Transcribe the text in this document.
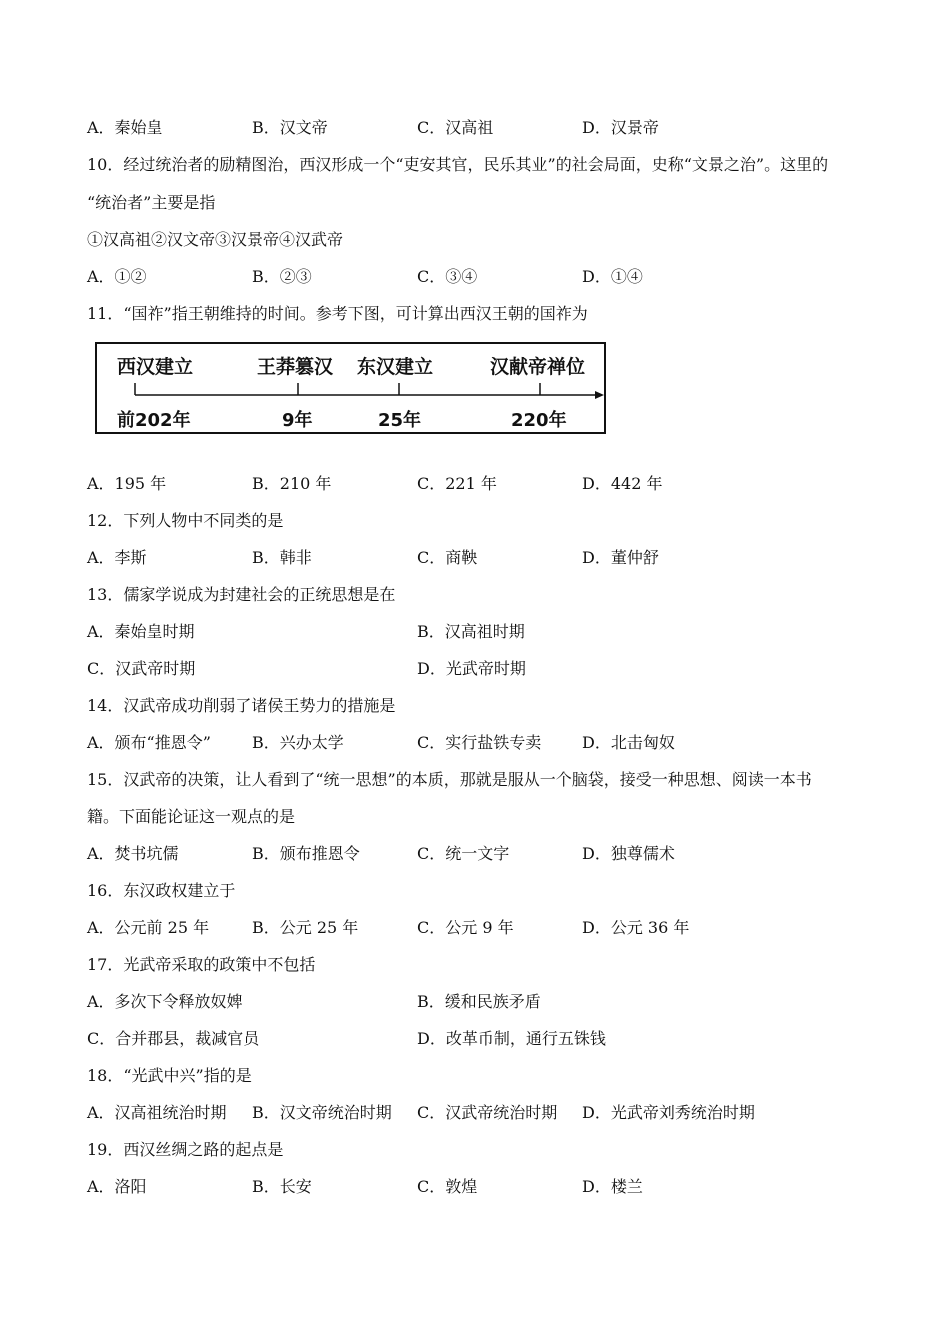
A．秦始皇	B．汉文帝	C．汉高祖	D．汉景帝
10．经过统治者的励精图治，西汉形成一个“吏安其官，民乐其业”的社会局面，史称“文景之治”。这里的
“统治者”主要是指
①汉高祖②汉文帝③汉景帝④汉武帝
A．①②	B．②③	C．③④	D．①④
11．“国祚”指王朝维持的时间。参考下图，可计算出西汉王朝的国祚为
西汉建立	王莽篡汉 东汉建立	汉献帝禅位
前202年	9年	25年	220年
A．195 年	B．210 年	C．221 年	D．442 年
12．下列人物中不同类的是
A．李斯	B．韩非	C．商鞅	D．董仲舒
13．儒家学说成为封建社会的正统思想是在
A．秦始皇时期	B．汉高祖时期
C．汉武帝时期	D．光武帝时期
14．汉武帝成功削弱了诸侯王势力的措施是
A．颁布“推恩令”	B．兴办太学	C．实行盐铁专卖	D．北击匈奴
15．汉武帝的决策，让人看到了“统一思想”的本质，那就是服从一个脑袋，接受一种思想、阅读一本书
籍。下面能论证这一观点的是
A．焚书坑儒	B．颁布推恩令	C．统一文字	D．独尊儒术
16．东汉政权建立于
A．公元前 25 年	B．公元 25 年	C．公元 9 年	D．公元 36 年
17．光武帝采取的政策中不包括
A．多次下令释放奴婢	B．缓和民族矛盾
C．合并郡县，裁减官员	D．改革币制，通行五铢钱
18．“光武中兴”指的是
A．汉高祖统治时期 B．汉文帝统治时期 C．汉武帝统治时期 D．光武帝刘秀统治时期
19．西汉丝绸之路的起点是
A．洛阳	B．长安	C．敦煌	D．楼兰
